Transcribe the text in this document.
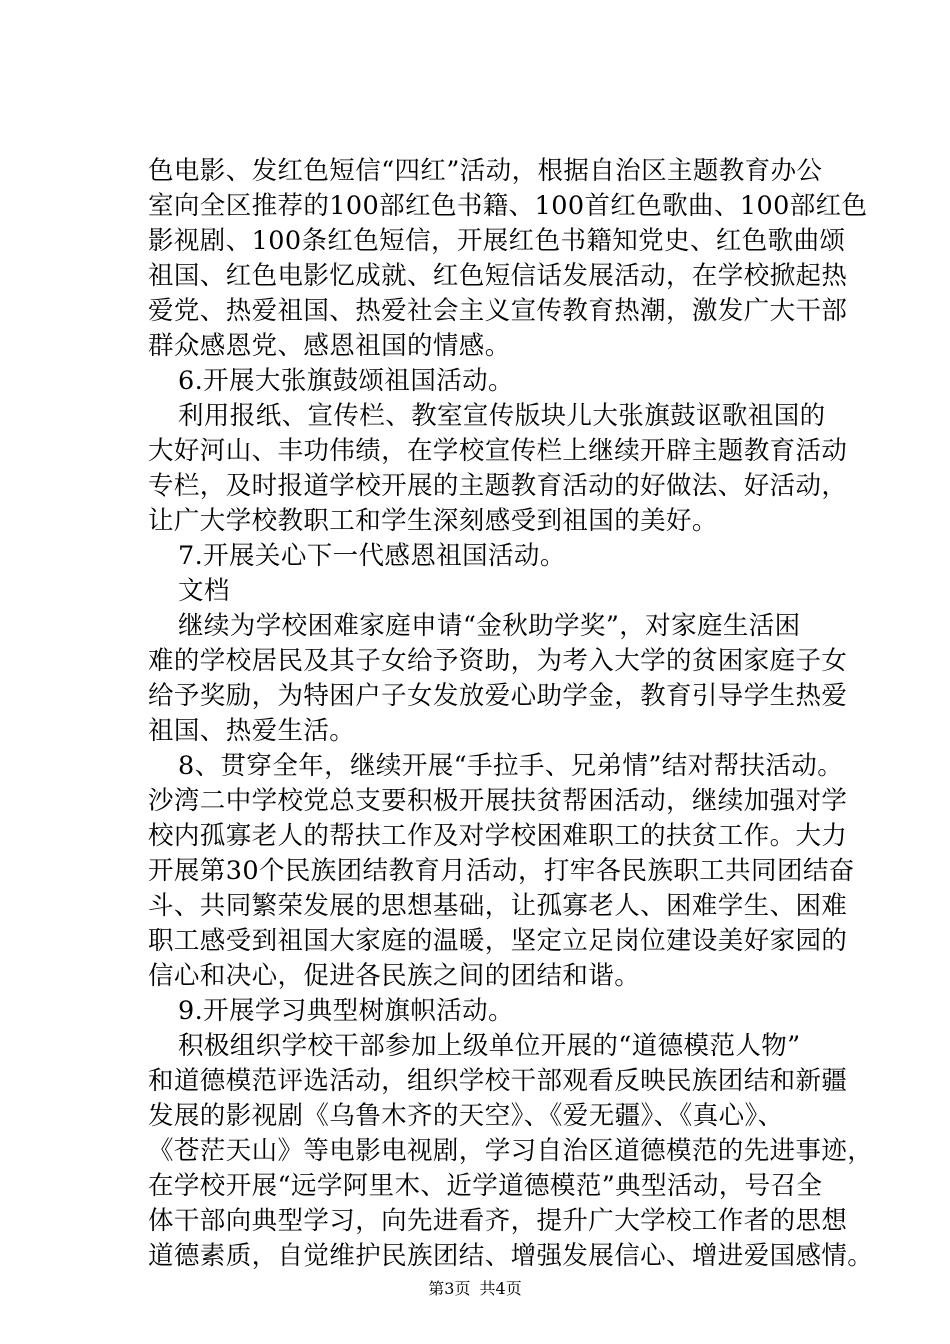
色电影、发红色短信“四红”活动，根据自治区主题教育办公
室向全区推荐的100部红色书籍、100首红色歌曲、100部红色
影视剧、100条红色短信，开展红色书籍知党史、红色歌曲颂
祖国、红色电影忆成就、红色短信话发展活动，在学校掀起热
爱党、热爱祖国、热爱社会主义宣传教育热潮，激发广大干部
群众感恩党、感恩祖国的情感。
6.开展大张旗鼓颂祖国活动。
利用报纸、宣传栏、教室宣传版块儿大张旗鼓讴歌祖国的
大好河山、丰功伟绩，在学校宣传栏上继续开辟主题教育活动
专栏，及时报道学校开展的主题教育活动的好做法、好活动，
让广大学校教职工和学生深刻感受到祖国的美好。
7.开展关心下一代感恩祖国活动。
文档
继续为学校困难家庭申请“金秋助学奖”，对家庭生活困
难的学校居民及其子女给予资助，为考入大学的贫困家庭子女
给予奖励，为特困户子女发放爱心助学金，教育引导学生热爱
祖国、热爱生活。
8、贯穿全年，继续开展“手拉手、兄弟情”结对帮扶活动。
沙湾二中学校党总支要积极开展扶贫帮困活动，继续加强对学
校内孤寡老人的帮扶工作及对学校困难职工的扶贫工作。大力
开展第30个民族团结教育月活动，打牢各民族职工共同团结奋
斗、共同繁荣发展的思想基础，让孤寡老人、困难学生、困难
职工感受到祖国大家庭的温暖，坚定立足岗位建设美好家园的
信心和决心，促进各民族之间的团结和谐。
9.开展学习典型树旗帜活动。
积极组织学校干部参加上级单位开展的“道德模范人物”
和道德模范评选活动，组织学校干部观看反映民族团结和新疆
发展的影视剧《乌鲁木齐的天空》、《爱无疆》、《真心》、
《苍茫天山》等电影电视剧，学习自治区道德模范的先进事迹，
在学校开展“远学阿里木、近学道德模范”典型活动，号召全
体干部向典型学习，向先进看齐，提升广大学校工作者的思想
道德素质，自觉维护民族团结、增强发展信心、增进爱国感情。
第3页 共4页
